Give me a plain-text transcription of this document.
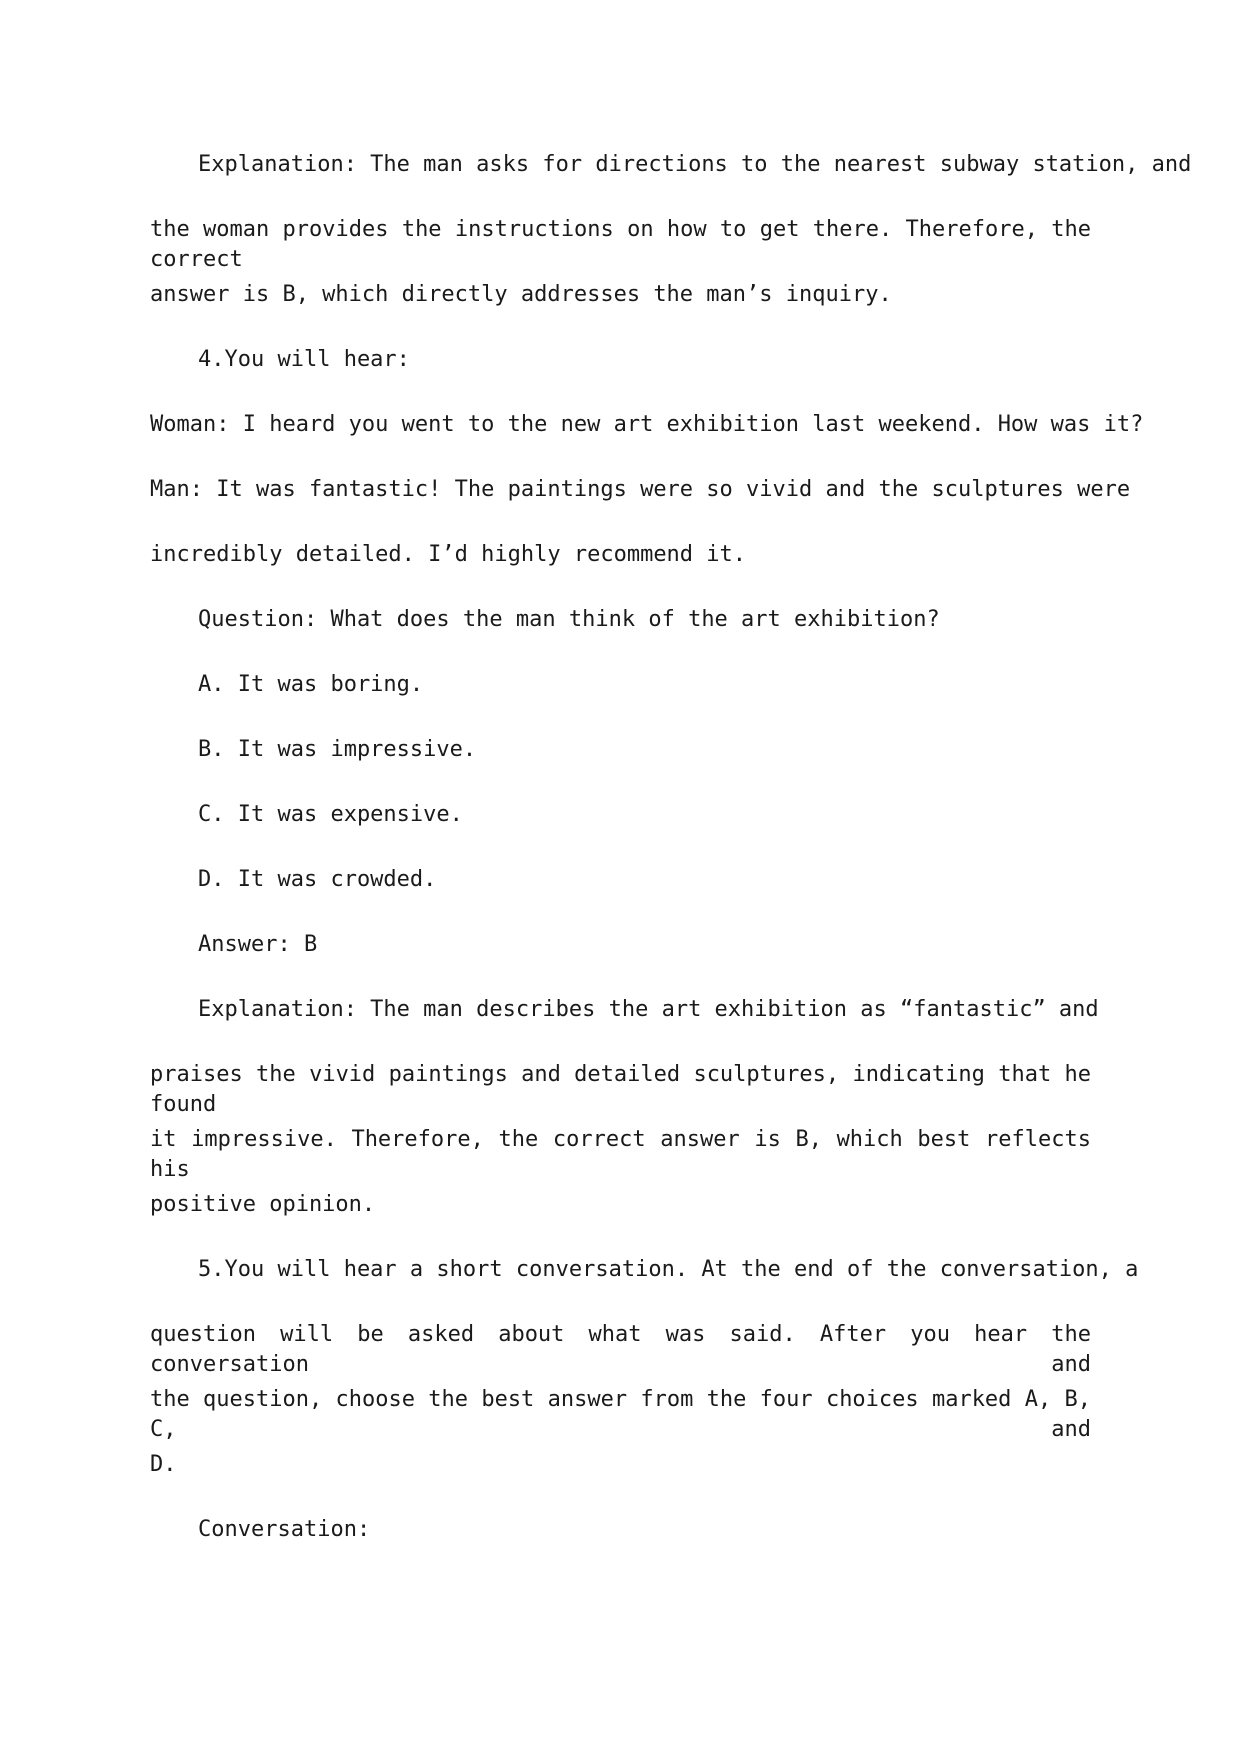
Explanation: The man asks for directions to the nearest subway station, and
the woman provides the instructions on how to get there. Therefore, the correct
answer is B, which directly addresses the man’s inquiry.
4.You will hear:
Woman: I heard you went to the new art exhibition last weekend. How was it?
Man: It was fantastic! The paintings were so vivid and the sculptures were
incredibly detailed. I’d highly recommend it.
Question: What does the man think of the art exhibition?
A. It was boring.
B. It was impressive.
C. It was expensive.
D. It was crowded.
Answer: B
Explanation: The man describes the art exhibition as “fantastic” and
praises the vivid paintings and detailed sculptures, indicating that he found
it impressive. Therefore, the correct answer is B, which best reflects his
positive opinion.
5.You will hear a short conversation. At the end of the conversation, a
question will be asked about what was said. After you hear the conversation and
the question, choose the best answer from the four choices marked A, B, C, and
D.
Conversation:
